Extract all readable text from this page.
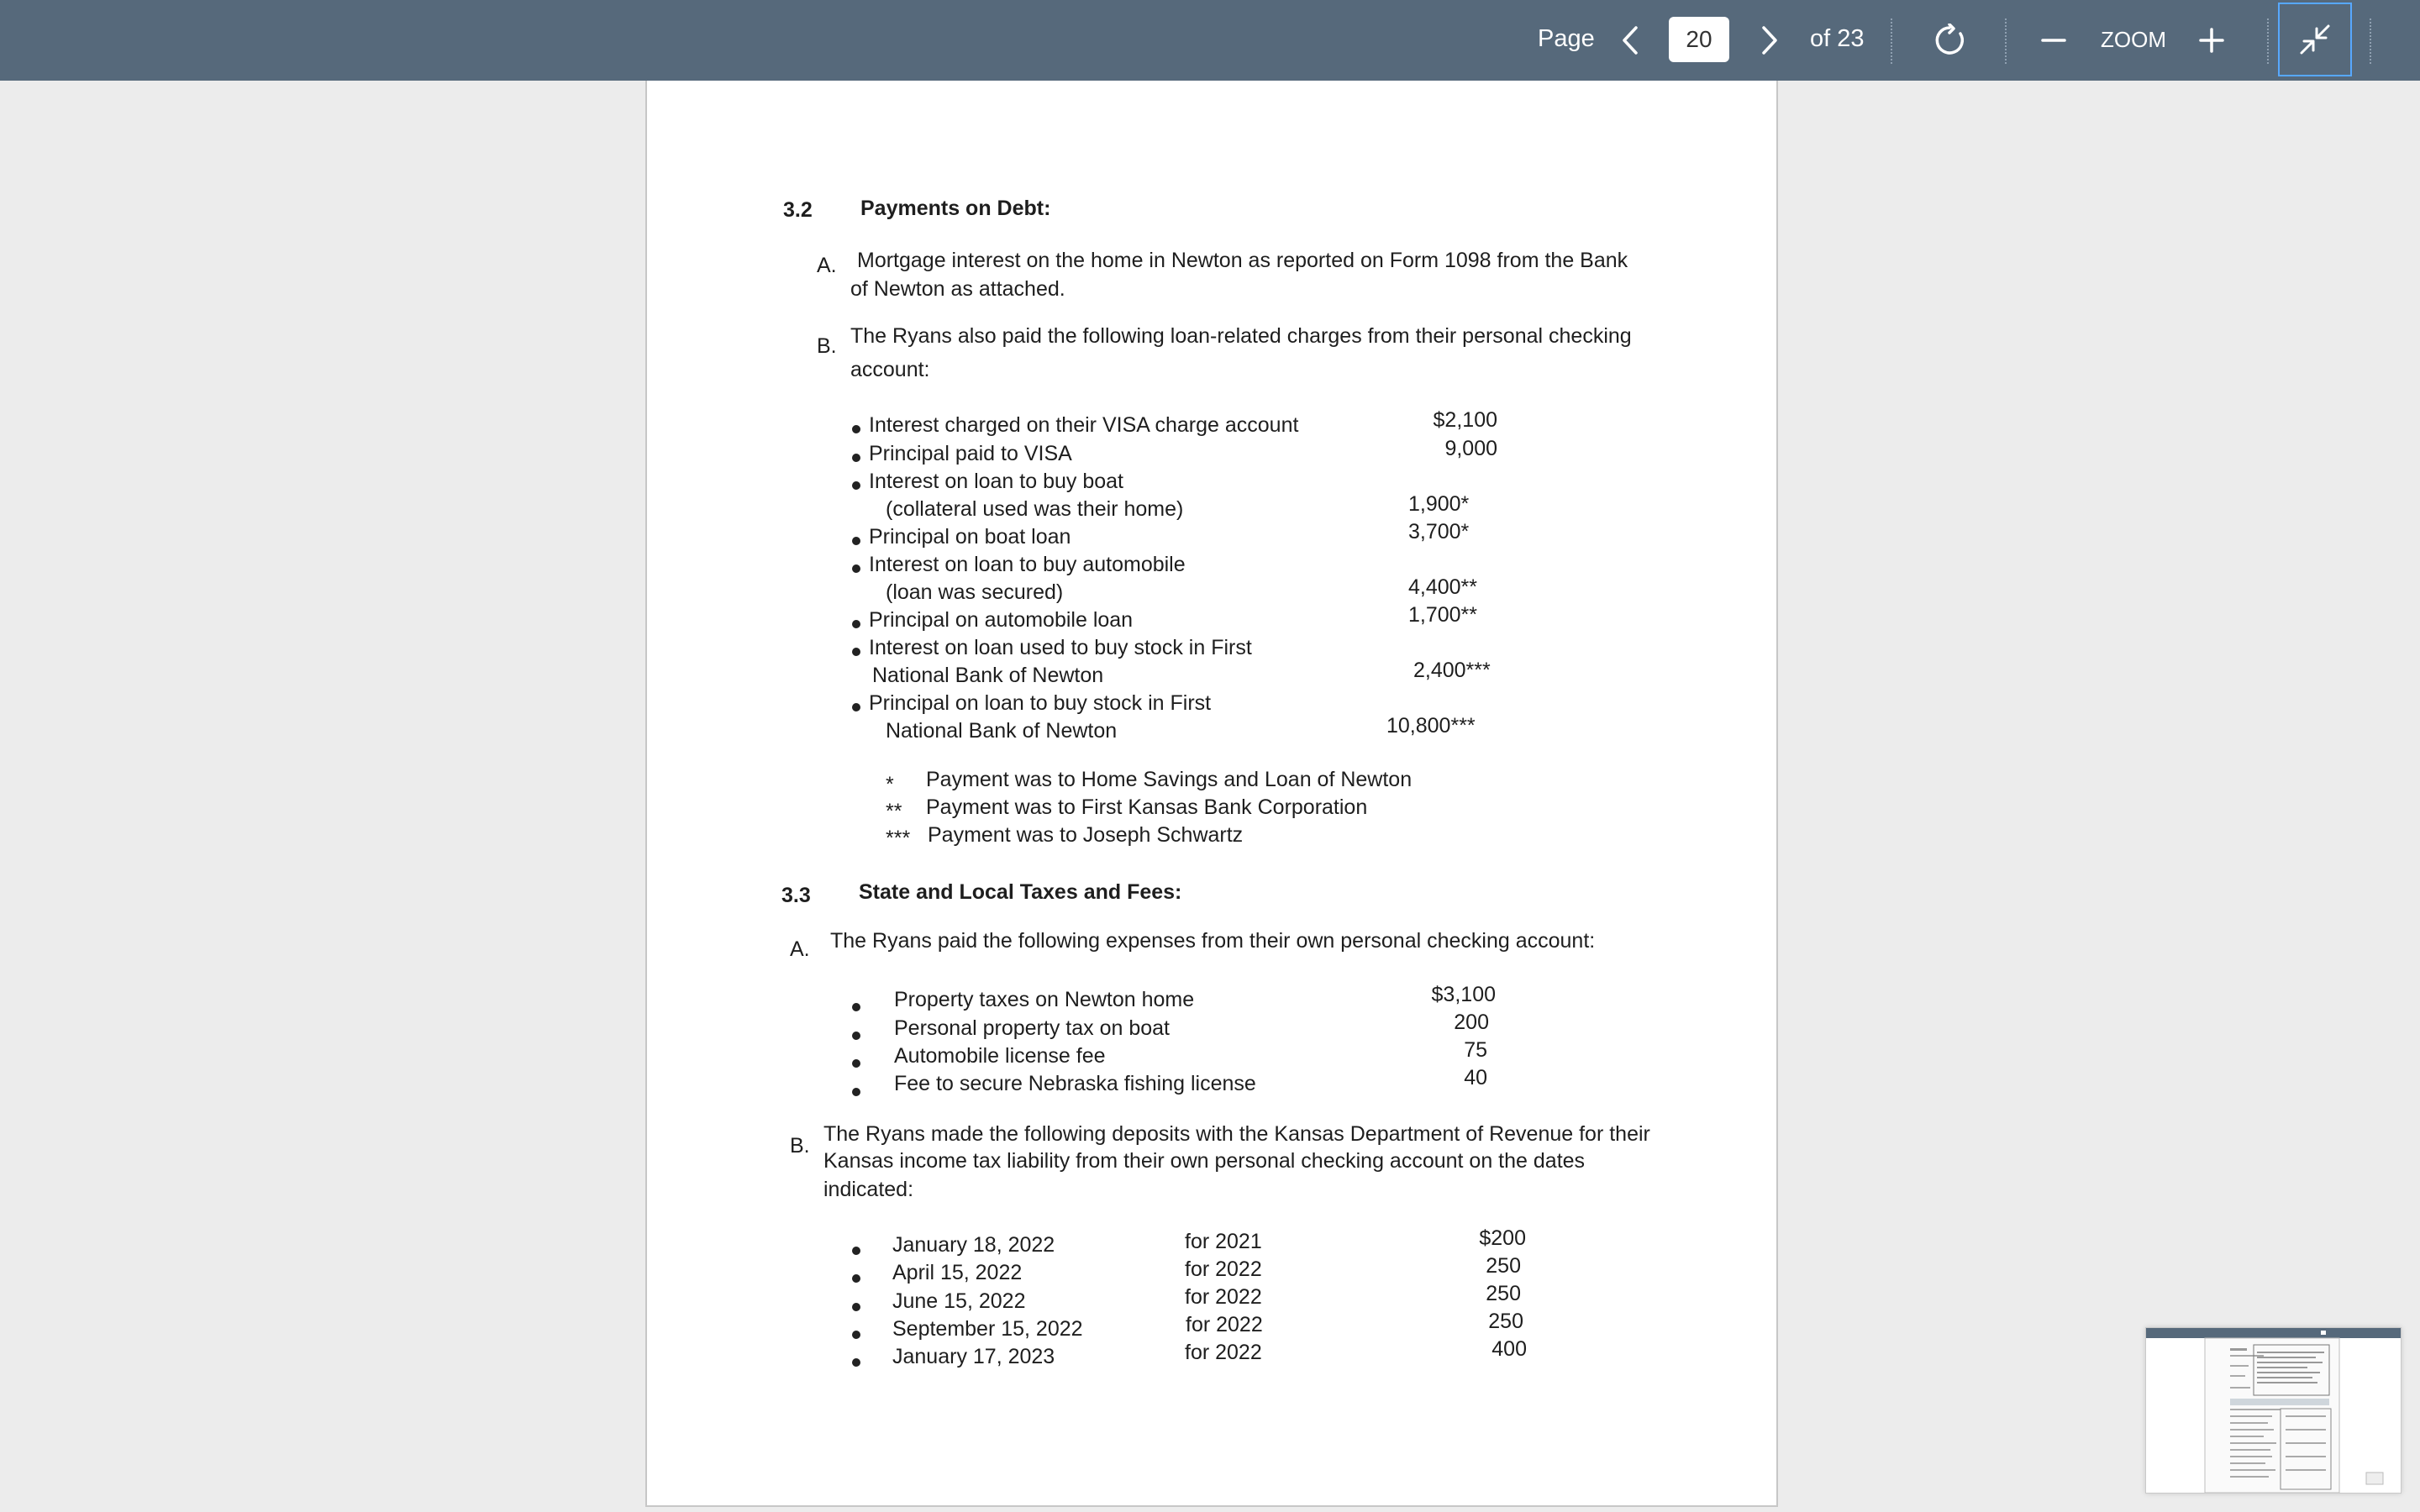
Page
20	of 23	ZOOM
3.2 Payments on Debt:
A. Mortgage interest on the home in Newton as reported on Form 1098 from the Bank
of Newton as attached.
B. The Ryans also paid the following loan-related charges from their personal checking
account:
Interest charged on their VISA charge account	$2,100
Principal paid to VISA	9,000
Interest on loan to buy boat
(collateral used was their home)	1,900*
Principal on boat loan	3,700*
Interest on loan to buy automobile
(loan was secured)	4,400**
Principal on automobile loan	1,700**
Interest on loan used to buy stock in First
National Bank of Newton	2,400***
Principal on loan to buy stock in First
National Bank of Newton	10,800***
* Payment was to Home Savings and Loan of Newton
** Payment was to First Kansas Bank Corporation
*** Payment was to Joseph Schwartz
3.3 State and Local Taxes and Fees:
A. The Ryans paid the following expenses from their own personal checking account:
Property taxes on Newton home	$3,100
Personal property tax on boat	200
Automobile license fee	75
Fee to secure Nebraska fishing license	40
B. The Ryans made the following deposits with the Kansas Department of Revenue for their
Kansas income tax liability from their own personal checking account on the dates
indicated:
January 18, 2022	for 2021	$200
April 15, 2022	for 2022	250
June 15, 2022	for 2022	250
September 15, 2022	for 2022	250
January 17, 2023	for 2022	400
